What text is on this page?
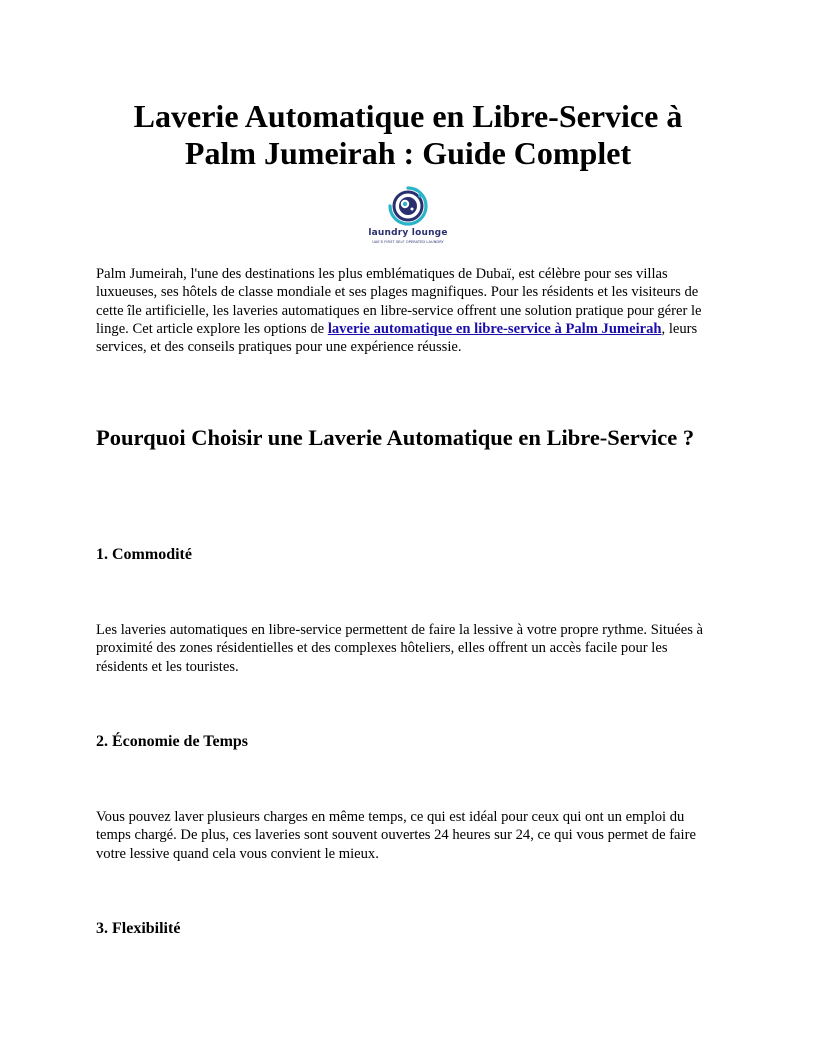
Laverie Automatique en Libre-Service à Palm Jumeirah : Guide Complet
laundry lounge
UAE'S FIRST SELF OPERATED LAUNDRY

Palm Jumeirah, l'une des destinations les plus emblématiques de Dubaï, est célèbre pour ses villas luxueuses, ses hôtels de classe mondiale et ses plages magnifiques. Pour les résidents et les visiteurs de cette île artificielle, les laveries automatiques en libre-service offrent une solution pratique pour gérer le linge. Cet article explore les options de laverie automatique en libre-service à Palm Jumeirah, leurs services, et des conseils pratiques pour une expérience réussie.

Pourquoi Choisir une Laverie Automatique en Libre-Service ?
1. Commodité

Les laveries automatiques en libre-service permettent de faire la lessive à votre propre rythme. Situées à proximité des zones résidentielles et des complexes hôteliers, elles offrent un accès facile pour les résidents et les touristes.

2. Économie de Temps

Vous pouvez laver plusieurs charges en même temps, ce qui est idéal pour ceux qui ont un emploi du temps chargé. De plus, ces laveries sont souvent ouvertes 24 heures sur 24, ce qui vous permet de faire votre lessive quand cela vous convient le mieux.

3. Flexibilité
